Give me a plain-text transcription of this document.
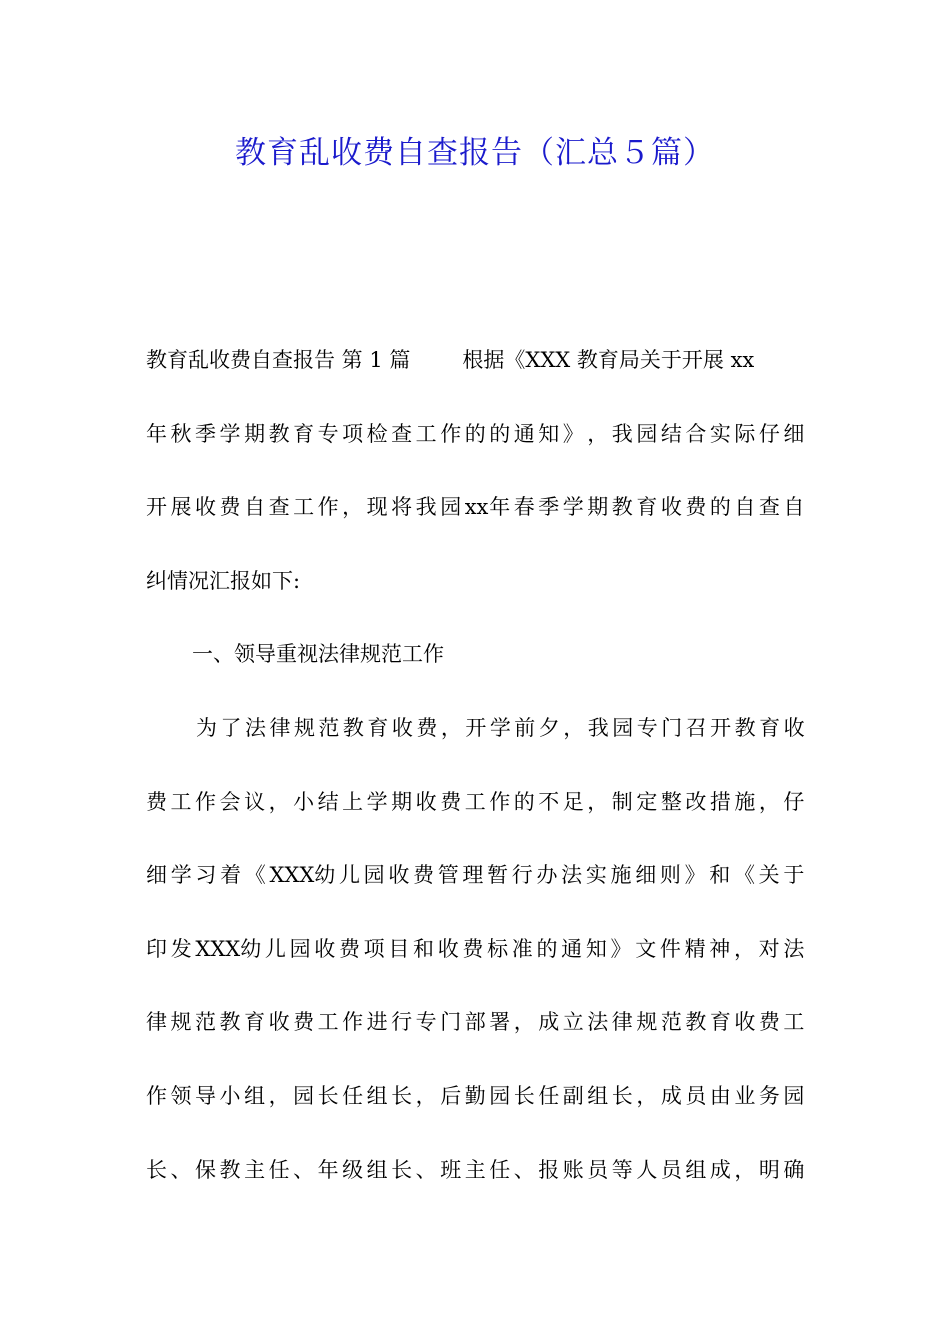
教育乱收费自查报告（汇总５篇）
教育乱收费自查报告 第 1 篇 根据《XXX 教育局关于开展 xx
年 秋 季 学 期 教 育 专 项 检 查 工 作 的 的 通 知 》 ， 我 园 结 合 实 际 仔 细
开 展 收 费 自 查 工 作 ， 现 将 我 园 xx 年 春 季 学 期 教 育 收 费 的 自 查 自
纠情况汇报如下:
一、领导重视法律规范工作
为 了 法 律 规 范 教 育 收 费 ， 开 学 前 夕 ， 我 园 专 门 召 开 教 育 收
费 工 作 会 议 ， 小 结 上 学 期 收 费 工 作 的 不 足 ， 制 定 整 改 措 施 ， 仔
细 学 习 着 《 XXX 幼 儿 园 收 费 管 理 暂 行 办 法 实 施 细 则 》 和 《 关 于
印 发 XXX 幼 儿 园 收 费 项 目 和 收 费 标 准 的 通 知 》 文 件 精 神 ， 对 法
律 规 范 教 育 收 费 工 作 进 行 专 门 部 署 ， 成 立 法 律 规 范 教 育 收 费 工
作 领 导 小 组 ， 园 长 任 组 长 ， 后 勤 园 长 任 副 组 长 ， 成 员 由 业 务 园
长 、 保 教 主 任 、 年 级 组 长 、 班 主 任 、 报 账 员 等 人 员 组 成 ， 明 确
